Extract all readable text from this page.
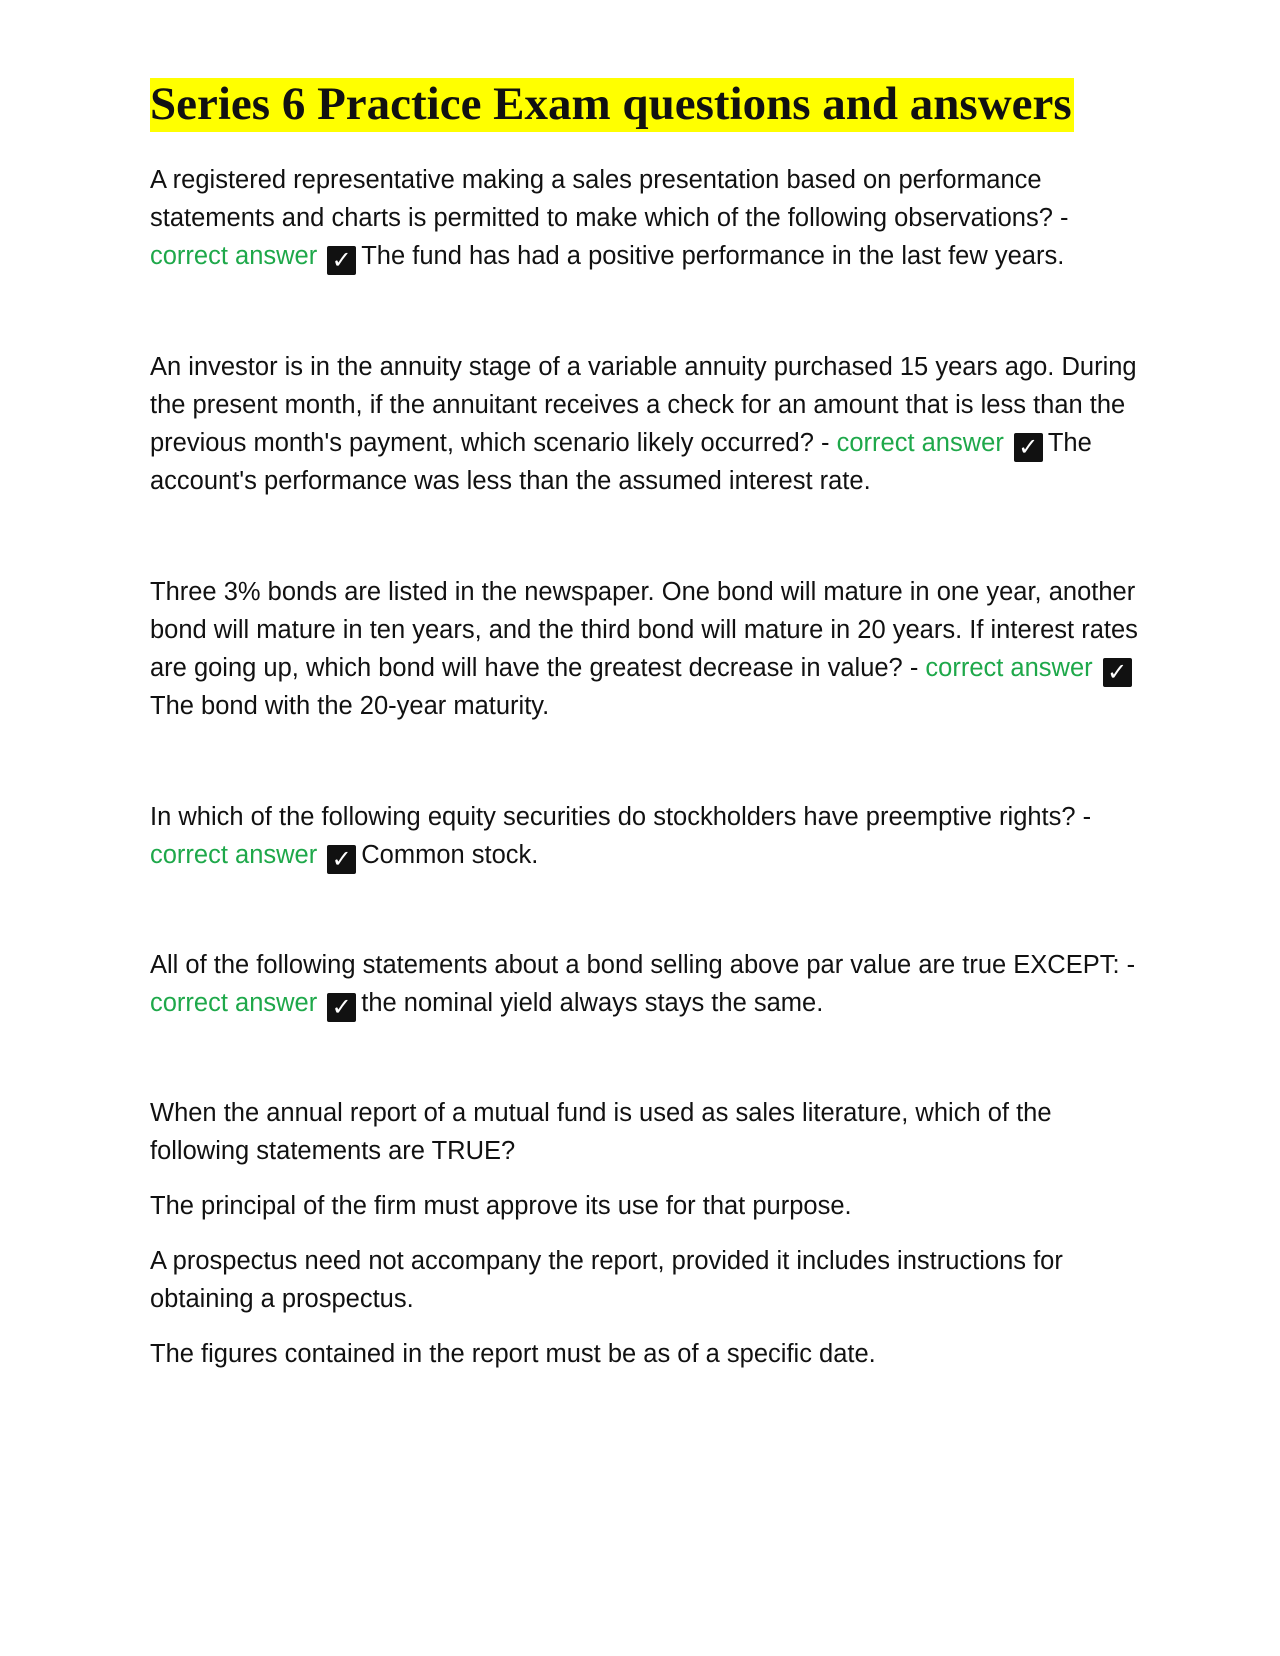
Series 6 Practice Exam questions and answers

A registered representative making a sales presentation based on performance statements and charts is permitted to make which of the following observations? - correct answer ✓ The fund has had a positive performance in the last few years.

An investor is in the annuity stage of a variable annuity purchased 15 years ago. During the present month, if the annuitant receives a check for an amount that is less than the previous month's payment, which scenario likely occurred? - correct answer ✓ The account's performance was less than the assumed interest rate.

Three 3% bonds are listed in the newspaper. One bond will mature in one year, another bond will mature in ten years, and the third bond will mature in 20 years. If interest rates are going up, which bond will have the greatest decrease in value? - correct answer ✓The bond with the 20-year maturity.

In which of the following equity securities do stockholders have preemptive rights? - correct answer ✓ Common stock.

All of the following statements about a bond selling above par value are true EXCEPT: - correct answer ✓ the nominal yield always stays the same.

When the annual report of a mutual fund is used as sales literature, which of the following statements are TRUE?

The principal of the firm must approve its use for that purpose.

A prospectus need not accompany the report, provided it includes instructions for obtaining a prospectus.

The figures contained in the report must be as of a specific date.
